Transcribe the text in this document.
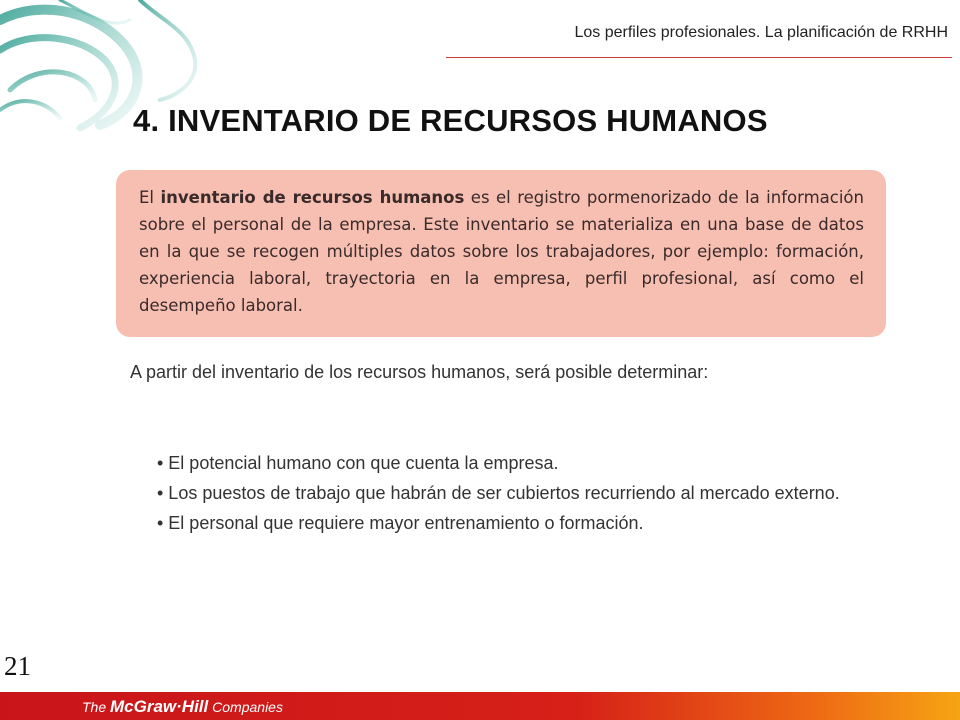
Los perfiles profesionales. La planificación de RRHH
4. INVENTARIO DE RECURSOS HUMANOS

El inventario de recursos humanos es el registro pormenorizado de la información sobre el personal de la empresa. Este inventario se materializa en una base de datos en la que se recogen múltiples datos sobre los trabajadores, por ejemplo: formación, experiencia laboral, trayectoria en la empresa, perfil profesional, así como el desempeño laboral.

A partir del inventario de los recursos humanos, será posible determinar:
• El potencial humano con que cuenta la empresa.
• Los puestos de trabajo que habrán de ser cubiertos recurriendo al mercado externo.
• El personal que requiere mayor entrenamiento o formación.
21
The McGraw·Hill Companies
